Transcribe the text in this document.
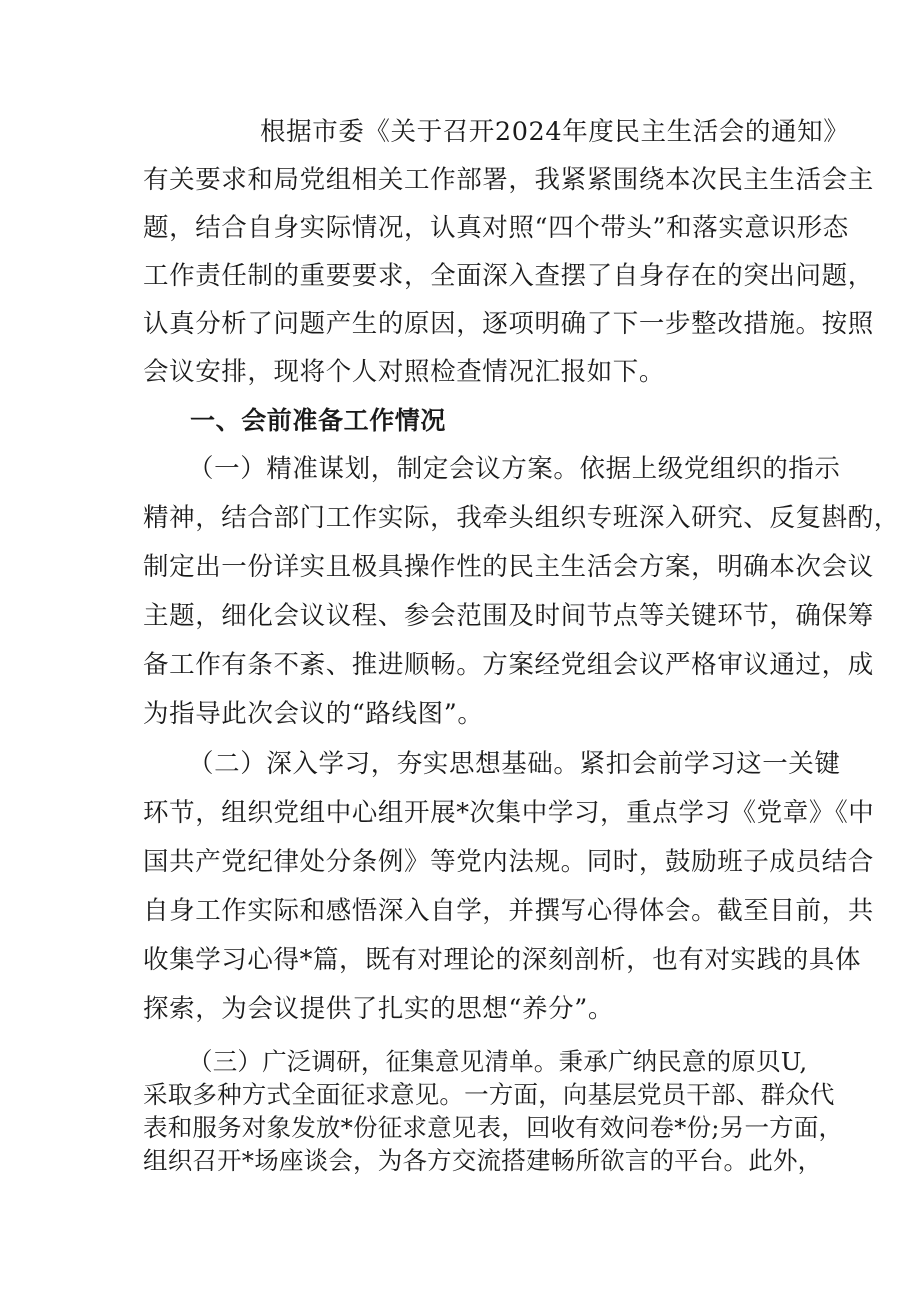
根据市委《关于召开2024年度民主生活会的通知》
有关要求和局党组相关工作部署，我紧紧围绕本次民主生活会主
题，结合自身实际情况，认真对照“四个带头”和落实意识形态
工作责任制的重要要求，全面深入查摆了自身存在的突出问题，
认真分析了问题产生的原因，逐项明确了下一步整改措施。按照
会议安排，现将个人对照检查情况汇报如下。
一、会前准备工作情况
（一）精准谋划，制定会议方案。依据上级党组织的指示
精神，结合部门工作实际，我牵头组织专班深入研究、反复斟酌，
制定出一份详实且极具操作性的民主生活会方案，明确本次会议
主题，细化会议议程、参会范围及时间节点等关键环节，确保筹
备工作有条不紊、推进顺畅。方案经党组会议严格审议通过，成
为指导此次会议的“路线图”。
（二）深入学习，夯实思想基础。紧扣会前学习这一关键
环节，组织党组中心组开展*次集中学习，重点学习《党章》《中
国共产党纪律处分条例》等党内法规。同时，鼓励班子成员结合
自身工作实际和感悟深入自学，并撰写心得体会。截至目前，共
收集学习心得*篇，既有对理论的深刻剖析，也有对实践的具体
探索，为会议提供了扎实的思想“养分”。
（三）广泛调研，征集意见清单。秉承广纳民意的原贝U,
采取多种方式全面征求意见。一方面，向基层党员干部、群众代
表和服务对象发放*份征求意见表，回收有效问卷*份;另一方面，
组织召开*场座谈会，为各方交流搭建畅所欲言的平台。此外，
